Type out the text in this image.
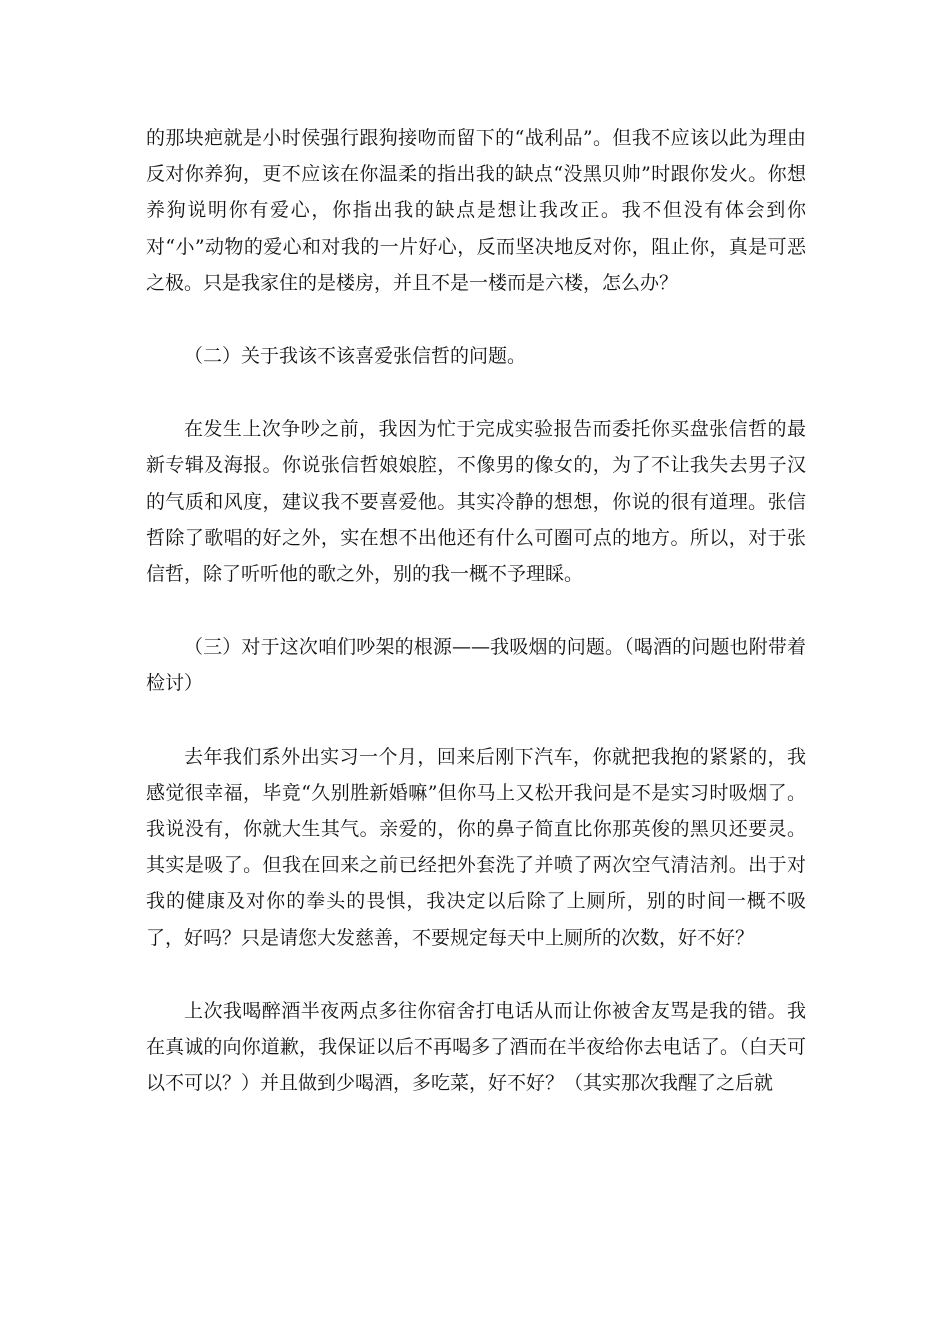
的那块疤就是小时侯强行跟狗接吻而留下的“战利品”。但我不应该以此为理由反对你养狗，更不应该在你温柔的指出我的缺点“没黑贝帅”时跟你发火。你想养狗说明你有爱心，你指出我的缺点是想让我改正。我不但没有体会到你对“小”动物的爱心和对我的一片好心，反而坚决地反对你，阻止你，真是可恶之极。只是我家住的是楼房，并且不是一楼而是六楼，怎么办？

（二）关于我该不该喜爱张信哲的问题。

在发生上次争吵之前，我因为忙于完成实验报告而委托你买盘张信哲的最新专辑及海报。你说张信哲娘娘腔，不像男的像女的，为了不让我失去男子汉的气质和风度，建议我不要喜爱他。其实冷静的想想，你说的很有道理。张信哲除了歌唱的好之外，实在想不出他还有什么可圈可点的地方。所以，对于张信哲，除了听听他的歌之外，别的我一概不予理睬。

（三）对于这次咱们吵架的根源——我吸烟的问题。（喝酒的问题也附带着检讨）

去年我们系外出实习一个月，回来后刚下汽车，你就把我抱的紧紧的，我感觉很幸福，毕竟“久别胜新婚嘛”但你马上又松开我问是不是实习时吸烟了。我说没有，你就大生其气。亲爱的，你的鼻子简直比你那英俊的黑贝还要灵。其实是吸了。但我在回来之前已经把外套洗了并喷了两次空气清洁剂。出于对我的健康及对你的拳头的畏惧，我决定以后除了上厕所，别的时间一概不吸了，好吗？只是请您大发慈善，不要规定每天中上厕所的次数，好不好？

上次我喝醉酒半夜两点多往你宿舍打电话从而让你被舍友骂是我的错。我在真诚的向你道歉，我保证以后不再喝多了酒而在半夜给你去电话了。（白天可以不可以？）并且做到少喝酒，多吃菜，好不好？（其实那次我醒了之后就
